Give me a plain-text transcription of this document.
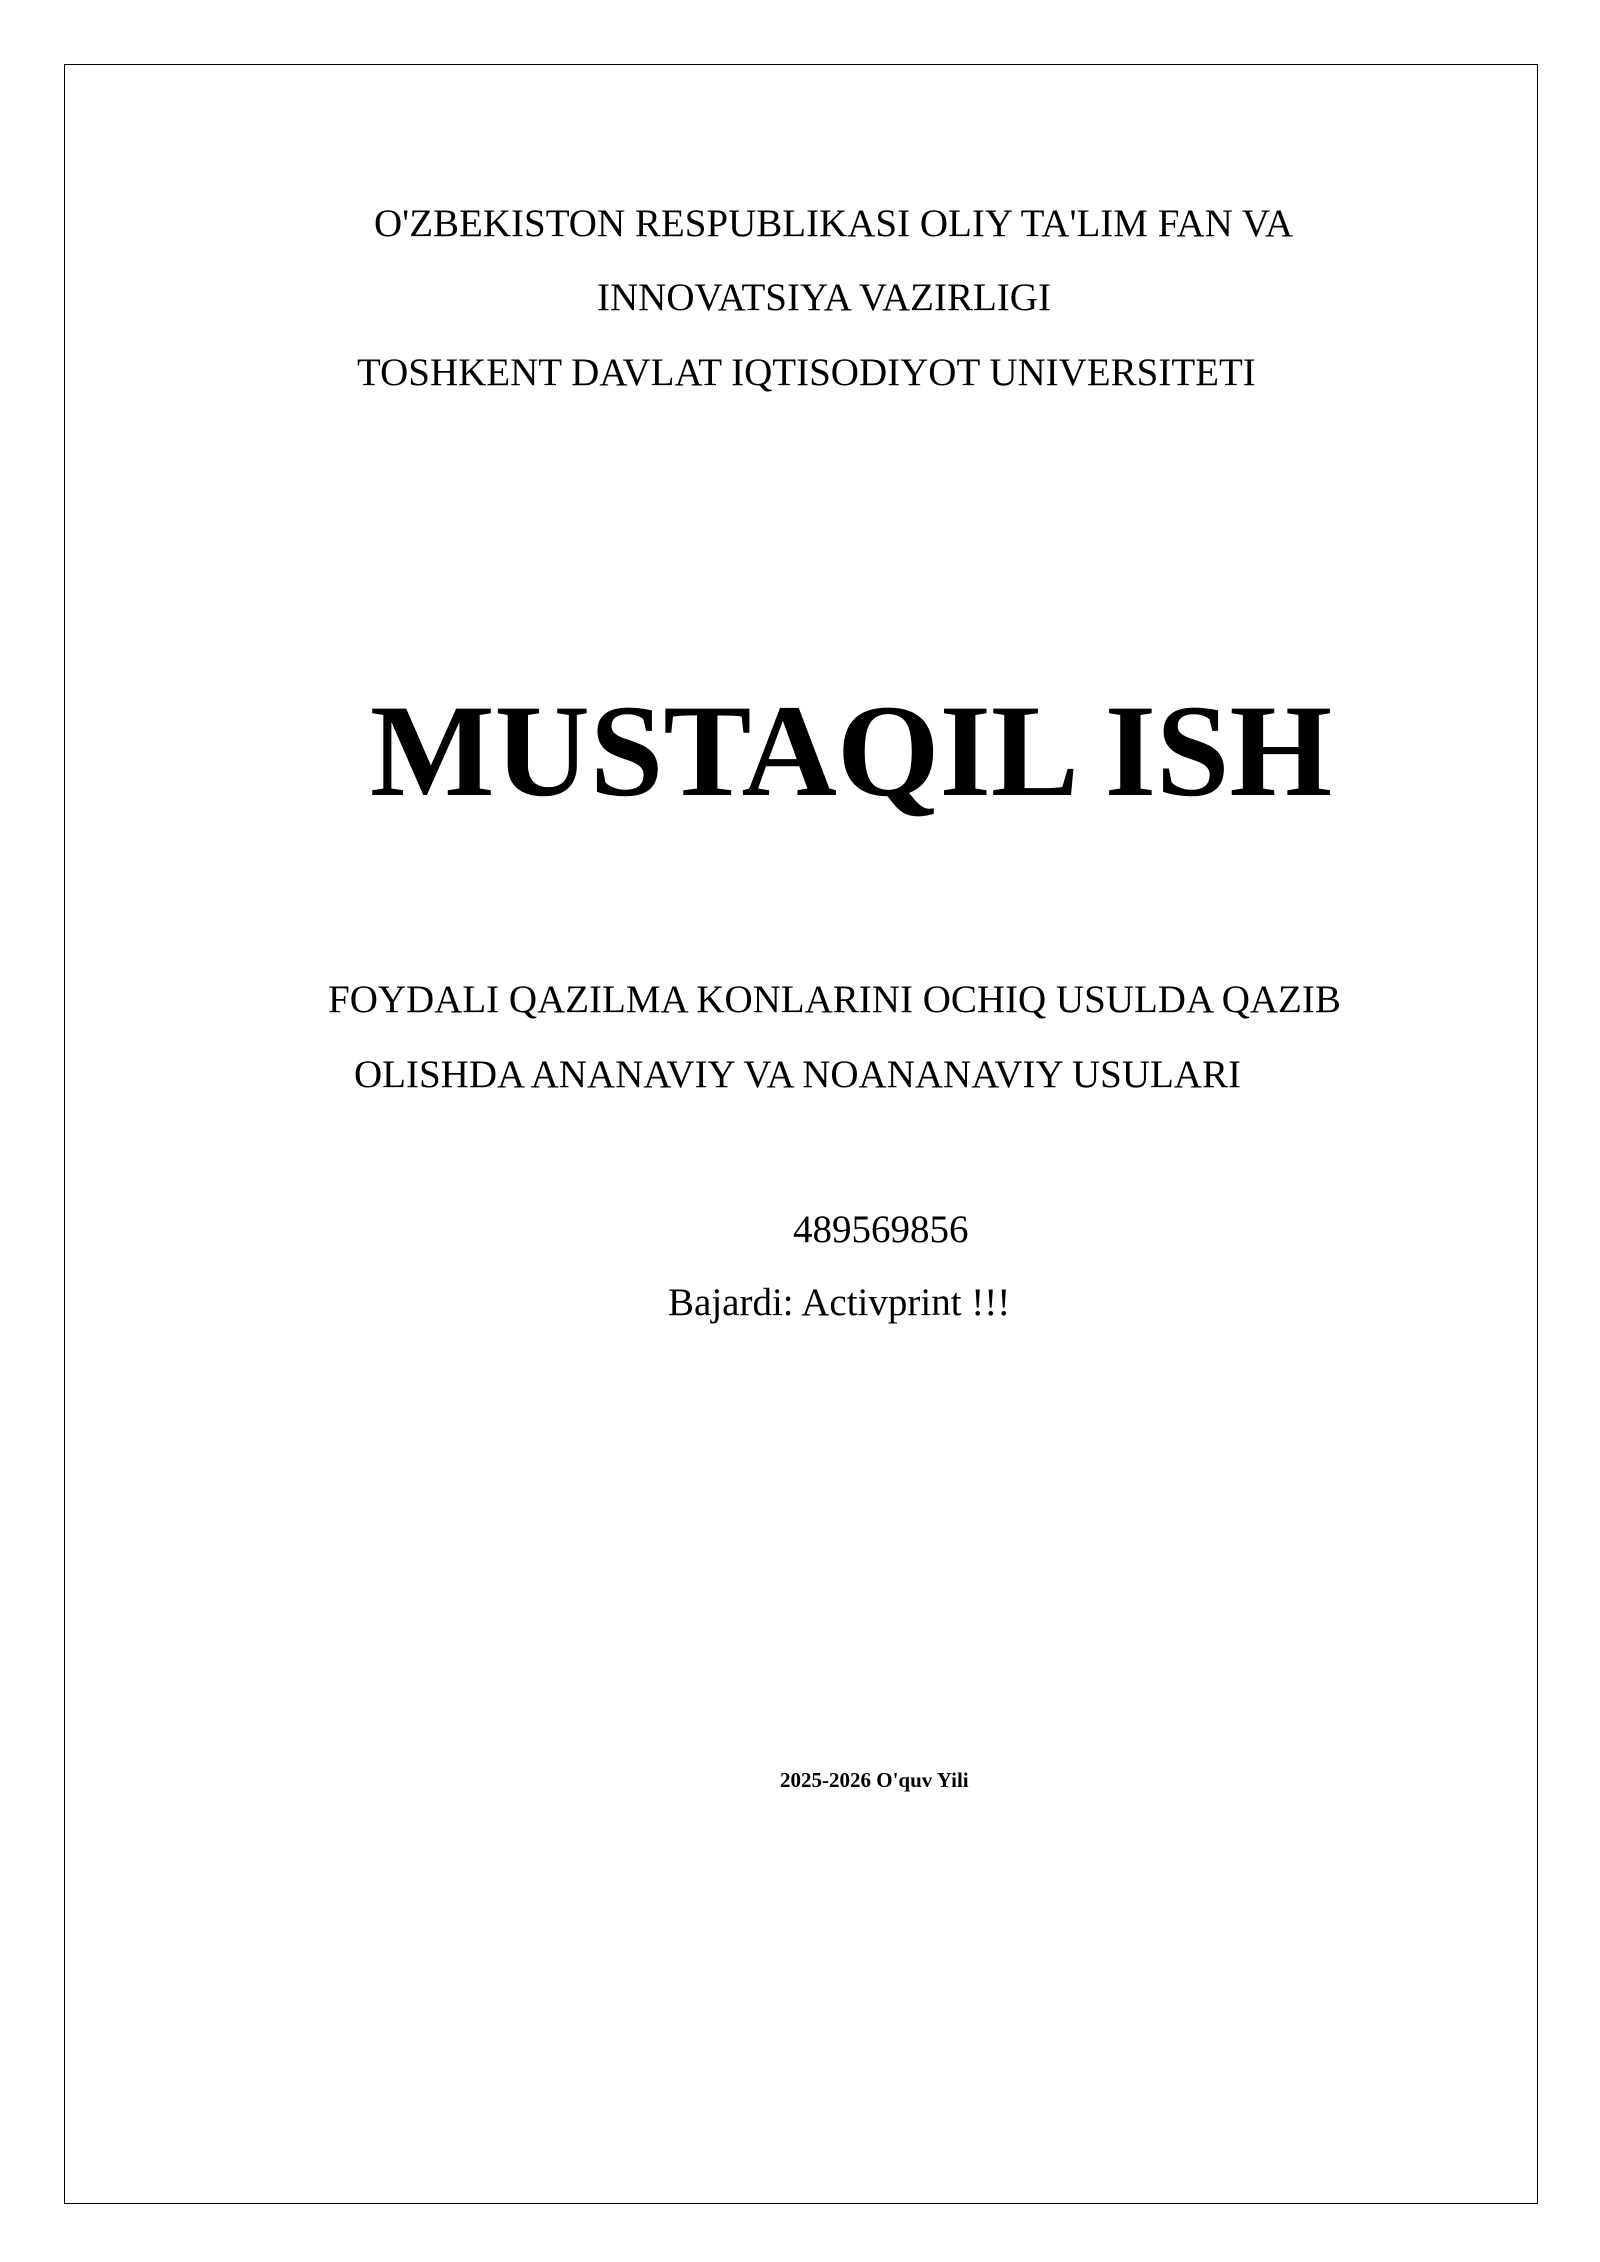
O'ZBEKISTON RESPUBLIKASI OLIY TA'LIM FAN VA
INNOVATSIYA VAZIRLIGI
TOSHKENT DAVLAT IQTISODIYOT UNIVERSITETI
MUSTAQIL ISH
FOYDALI QAZILMA KONLARINI OCHIQ USULDA QAZIB
OLISHDA ANANAVIY VA NOANANAVIY USULARI
489569856
Bajardi: Activprint !!!
2025-2026 O'quv Yili
